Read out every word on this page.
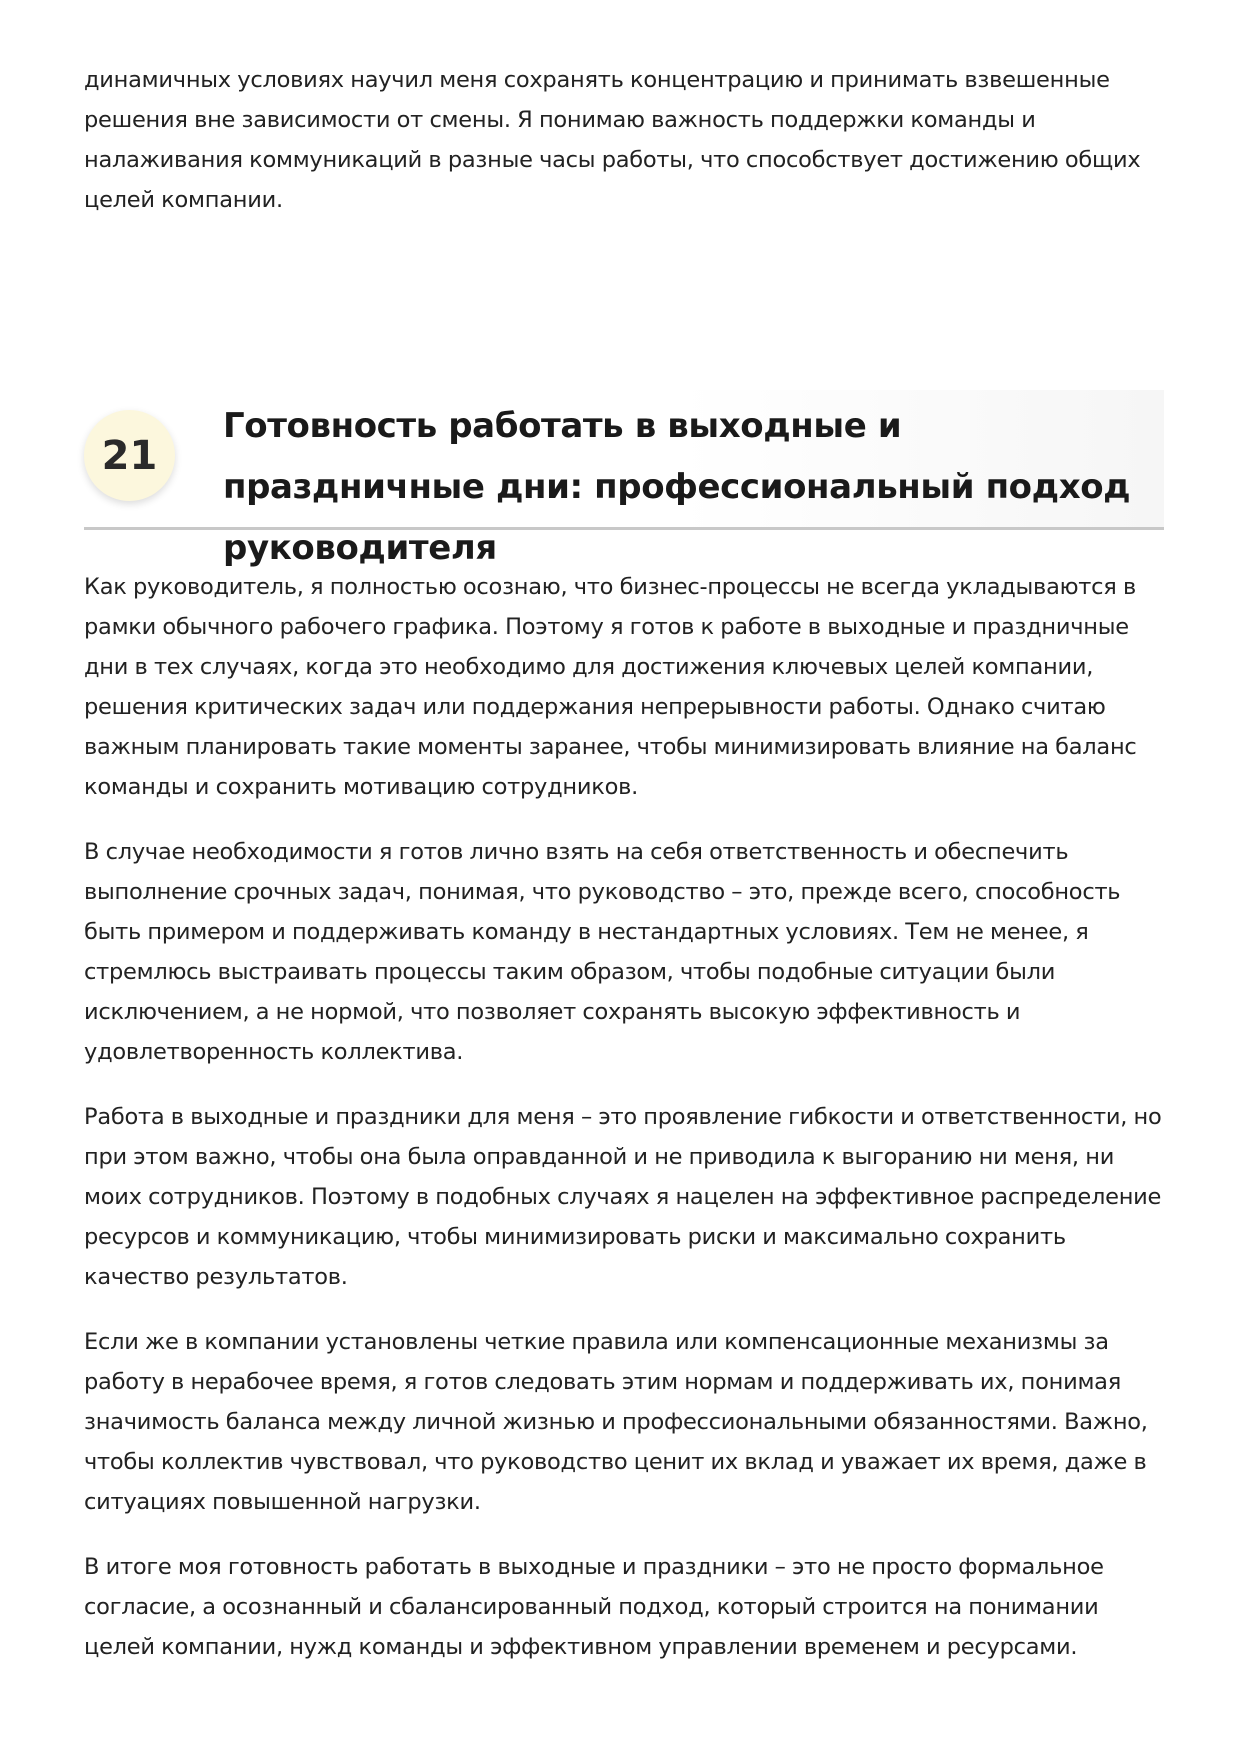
динамичных условиях научил меня сохранять концентрацию и принимать взвешенные решения вне зависимости от смены. Я понимаю важность поддержки команды и налаживания коммуникаций в разные часы работы, что способствует достижению общих целей компании.

21
Готовность работать в выходные и праздничные дни: профессиональный подход руководителя

Как руководитель, я полностью осознаю, что бизнес-процессы не всегда укладываются в рамки обычного рабочего графика. Поэтому я готов к работе в выходные и праздничные дни в тех случаях, когда это необходимо для достижения ключевых целей компании, решения критических задач или поддержания непрерывности работы. Однако считаю важным планировать такие моменты заранее, чтобы минимизировать влияние на баланс команды и сохранить мотивацию сотрудников.

В случае необходимости я готов лично взять на себя ответственность и обеспечить выполнение срочных задач, понимая, что руководство – это, прежде всего, способность быть примером и поддерживать команду в нестандартных условиях. Тем не менее, я стремлюсь выстраивать процессы таким образом, чтобы подобные ситуации были исключением, а не нормой, что позволяет сохранять высокую эффективность и удовлетворенность коллектива.

Работа в выходные и праздники для меня – это проявление гибкости и ответственности, но при этом важно, чтобы она была оправданной и не приводила к выгоранию ни меня, ни моих сотрудников. Поэтому в подобных случаях я нацелен на эффективное распределение ресурсов и коммуникацию, чтобы минимизировать риски и максимально сохранить качество результатов.

Если же в компании установлены четкие правила или компенсационные механизмы за работу в нерабочее время, я готов следовать этим нормам и поддерживать их, понимая значимость баланса между личной жизнью и профессиональными обязанностями. Важно, чтобы коллектив чувствовал, что руководство ценит их вклад и уважает их время, даже в ситуациях повышенной нагрузки.

В итоге моя готовность работать в выходные и праздники – это не просто формальное согласие, а осознанный и сбалансированный подход, который строится на понимании целей компании, нужд команды и эффективном управлении временем и ресурсами.
